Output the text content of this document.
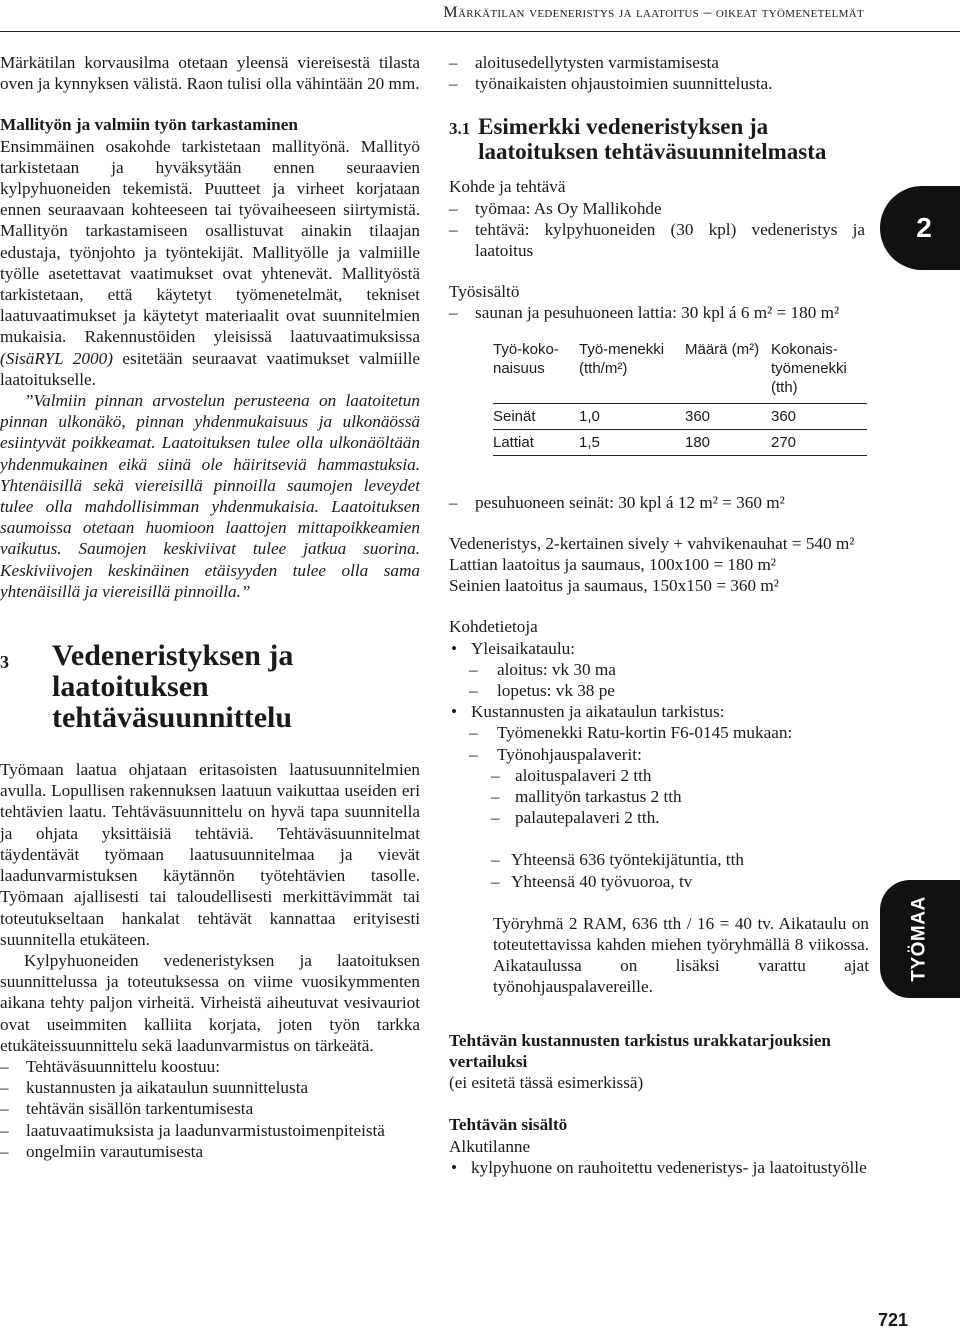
Märkätilan vedeneristys ja laatoitus – oikeat työmenetelmät

Märkätilan korvausilma otetaan yleensä viereisestä tilasta oven ja kynnyksen välistä. Raon tulisi olla vähintään 20 mm.

Mallityön ja valmiin työn tarkastaminen

Ensimmäinen osakohde tarkistetaan mallityönä. Mallityö tarkistetaan ja hyväksytään ennen seuraavien kylpyhuoneiden tekemistä. Puutteet ja virheet korjataan ennen seuraavaan kohteeseen tai työvaiheeseen siirtymistä. Mallityön tarkastamiseen osallistuvat ainakin tilaajan edustaja, työnjohto ja työntekijät. Mallityölle ja valmiille työlle asetettavat vaatimukset ovat yhtenevät. Mallityöstä tarkistetaan, että käytetyt työmenetelmät, tekniset laatuvaatimukset ja käytetyt materiaalit ovat suunnitelmien mukaisia. Rakennustöiden yleisissä laatuvaatimuksissa (SisäRYL 2000) esitetään seuraavat vaatimukset valmiille laatoitukselle.

”Valmiin pinnan arvostelun perusteena on laatoitetun pinnan ulkonäkö, pinnan yhdenmukaisuus ja ulkonäössä esiintyvät poikkeamat. Laatoituksen tulee olla ulkonäöltään yhdenmukainen eikä siinä ole häiritseviä hammastuksia. Yhtenäisillä sekä viereisillä pinnoilla saumojen leveydet tulee olla mahdollisimman yhdenmukaisia. Laatoituksen saumoissa otetaan huomioon laattojen mittapoikkeamien vaikutus. Saumojen keskiviivat tulee jatkua suorina. Keskiviivojen keskinäinen etäisyyden tulee olla sama yhtenäisillä ja viereisillä pinnoilla.”

3	Vedeneristyksen ja
laatoituksen
tehtäväsuunnittelu

Työmaan laatua ohjataan eritasoisten laatusuunnitelmien avulla. Lopullisen rakennuksen laatuun vaikuttaa useiden eri tehtävien laatu. Tehtäväsuunnittelu on hyvä tapa suunnitella ja ohjata yksittäisiä tehtäviä. Tehtäväsuunnitelmat täydentävät työmaan laatusuunnitelmaa ja vievät laadunvarmistuksen käytännön työtehtävien tasolle. Työmaan ajallisesti tai taloudellisesti merkittävimmät tai toteutukseltaan hankalat tehtävät kannattaa erityisesti suunnitella etukäteen.

Kylpyhuoneiden vedeneristyksen ja laatoituksen suunnittelussa ja toteutuksessa on viime vuosikymmenten aikana tehty paljon virheitä. Virheistä aiheutuvat vesivauriot ovat useimmiten kalliita korjata, joten työn tarkka etukäteissuunnittelu sekä laadunvarmistus on tärkeätä.

– Tehtäväsuunnittelu koostuu:

– kustannusten ja aikataulun suunnittelusta

– tehtävän sisällön tarkentumisesta

– laatuvaatimuksista ja laadunvarmistustoimenpiteistä

– ongelmiin varautumisesta

– aloitusedellytysten varmistamisesta

– työnaikaisten ohjaustoimien suunnittelusta.

3.1 Esimerkki vedeneristyksen ja laatoituksen tehtäväsuunnitelmasta

Kohde ja tehtävä

– työmaa: As Oy Mallikohde

– tehtävä: kylpyhuoneiden (30 kpl) vedeneristys ja laatoitus

Työsisältö

– saunan ja pesuhuoneen lattia: 30 kpl á 6 m² = 180 m²

Työ-koko-naisuus	Työ-menekki (tth/m²)	Määrä (m²)	Kokonais-työmenekki (tth)
Seinät	1,0	360	360
Lattiat	1,5	180	270

– pesuhuoneen seinät: 30 kpl á 12 m² = 360 m²

Vedeneristys, 2-kertainen sively + vahvikenauhat = 540 m²

Lattian laatoitus ja saumaus, 100x100 = 180 m²

Seinien laatoitus ja saumaus, 150x150 = 360 m²

Kohdetietoja

• Yleisaikataulu:

– aloitus: vk 30 ma

– lopetus: vk 38 pe

• Kustannusten ja aikataulun tarkistus:

– Työmenekki Ratu-kortin F6-0145 mukaan:

– Työnohjauspalaverit:

– aloituspalaveri 2 tth

– mallityön tarkastus 2 tth

– palautepalaveri 2 tth.

– Yhteensä 636 työntekijätuntia, tth

– Yhteensä 40 työvuoroa, tv

Työryhmä 2 RAM, 636 tth / 16 = 40 tv. Aikataulu on toteutettavissa kahden miehen työryhmällä 8 viikossa. Aikataulussa on lisäksi varattu ajat työnohjauspalavereille.

Tehtävän kustannusten tarkistus urakkatarjouksien vertailuksi

(ei esitetä tässä esimerkissä)

Tehtävän sisältö

Alkutilanne

• kylpyhuone on rauhoitettu vedeneristys- ja laatoitustyölle

2
TYÖMAA
721
